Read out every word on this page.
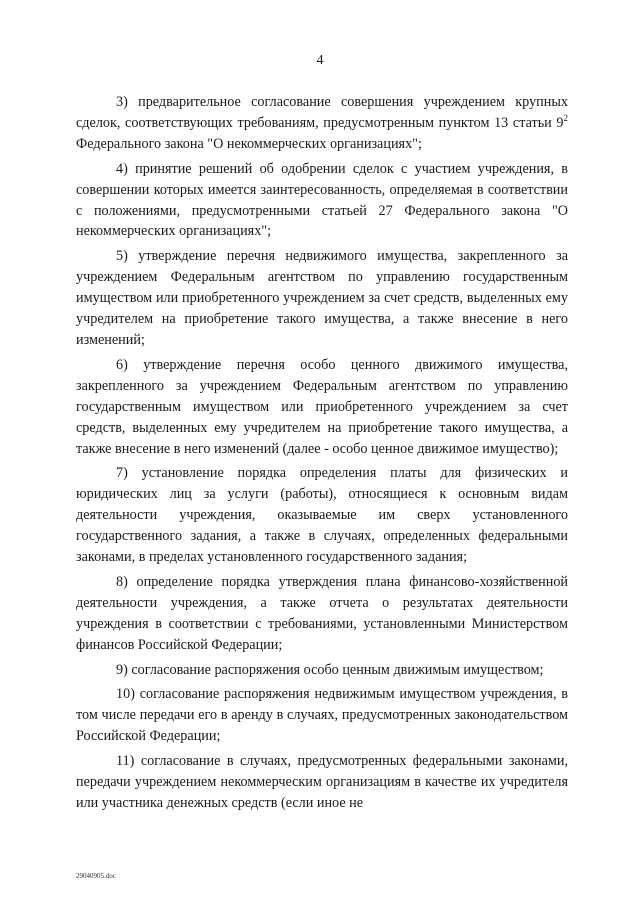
4

3) предварительное согласование совершения учреждением крупных сделок, соответствующих требованиям, предусмотренным пунктом 13 статьи $9^2$ Федерального закона "О некоммерческих организациях";

4) принятие решений об одобрении сделок с участием учреждения, в совершении которых имеется заинтересованность, определяемая в соответствии с положениями, предусмотренными статьей 27 Федерального закона "О некоммерческих организациях";

5) утверждение перечня недвижимого имущества, закрепленного за учреждением Федеральным агентством по управлению государственным имуществом или приобретенного учреждением за счет средств, выделенных ему учредителем на приобретение такого имущества, а также внесение в него изменений;

6) утверждение перечня особо ценного движимого имущества, закрепленного за учреждением Федеральным агентством по управлению государственным имуществом или приобретенного учреждением за счет средств, выделенных ему учредителем на приобретение такого имущества, а также внесение в него изменений (далее - особо ценное движимое имущество);

7) установление порядка определения платы для физических и юридических лиц за услуги (работы), относящиеся к основным видам деятельности учреждения, оказываемые им сверх установленного государственного задания, а также в случаях, определенных федеральными законами, в пределах установленного государственного задания;

8) определение порядка утверждения плана финансово-хозяйственной деятельности учреждения, а также отчета о результатах деятельности учреждения в соответствии с требованиями, установленными Министерством финансов Российской Федерации;

9) согласование распоряжения особо ценным движимым имуществом;

10) согласование распоряжения недвижимым имуществом учреждения, в том числе передачи его в аренду в случаях, предусмотренных законодательством Российской Федерации;

11) согласование в случаях, предусмотренных федеральными законами, передачи учреждением некоммерческим организациям в качестве их учредителя или участника денежных средств (если иное не

29040905.doc
